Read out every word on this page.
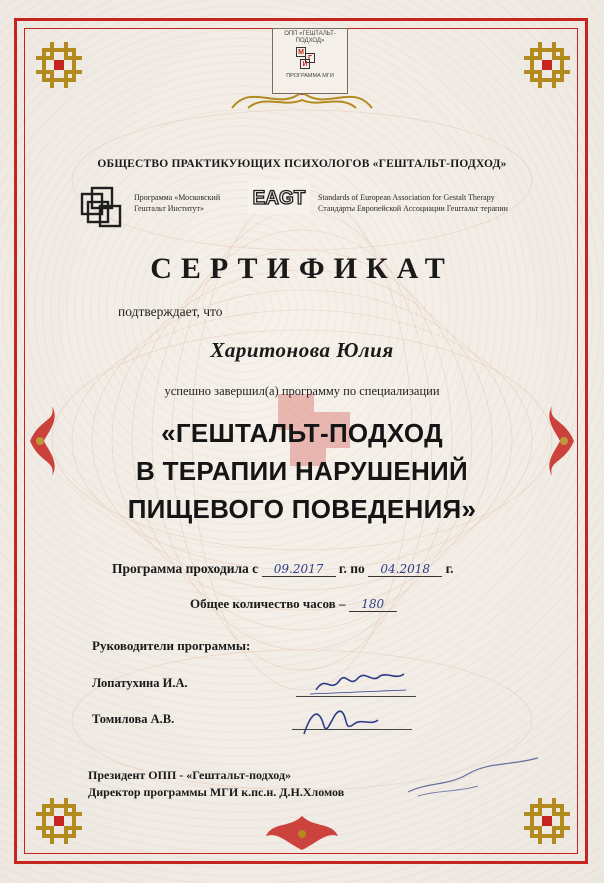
ОПП «ГЕШТАЛЬТ-ПОДХОД»
М
Г
И
ПРОГРАММА МГИ
ОБЩЕСТВО ПРАКТИКУЮЩИХ ПСИХОЛОГОВ «ГЕШТАЛЬТ-ПОДХОД»
Программа «Московский
Гештальт Институт»	EAGT Standards of European Association for Gestalt Therapy
Стандарты Европейской Ассоциации Гештальт терапии
СЕРТИФИКАТ
подтверждает, что
Харитонова Юлия
успешно завершил(а) программу по специализации
«ГЕШТАЛЬТ-ПОДХОД
В ТЕРАПИИ НАРУШЕНИЙ
ПИЩЕВОГО ПОВЕДЕНИЯ»
Программа проходила с 09.2017 г. по 04.2018 г.
Общее количество часов – 180
Руководители программы:
Лопатухина И.А.
Томилова А.В.
Президент ОПП - «Гештальт-подход»
Директор программы МГИ к.пс.н. Д.Н.Хломов
